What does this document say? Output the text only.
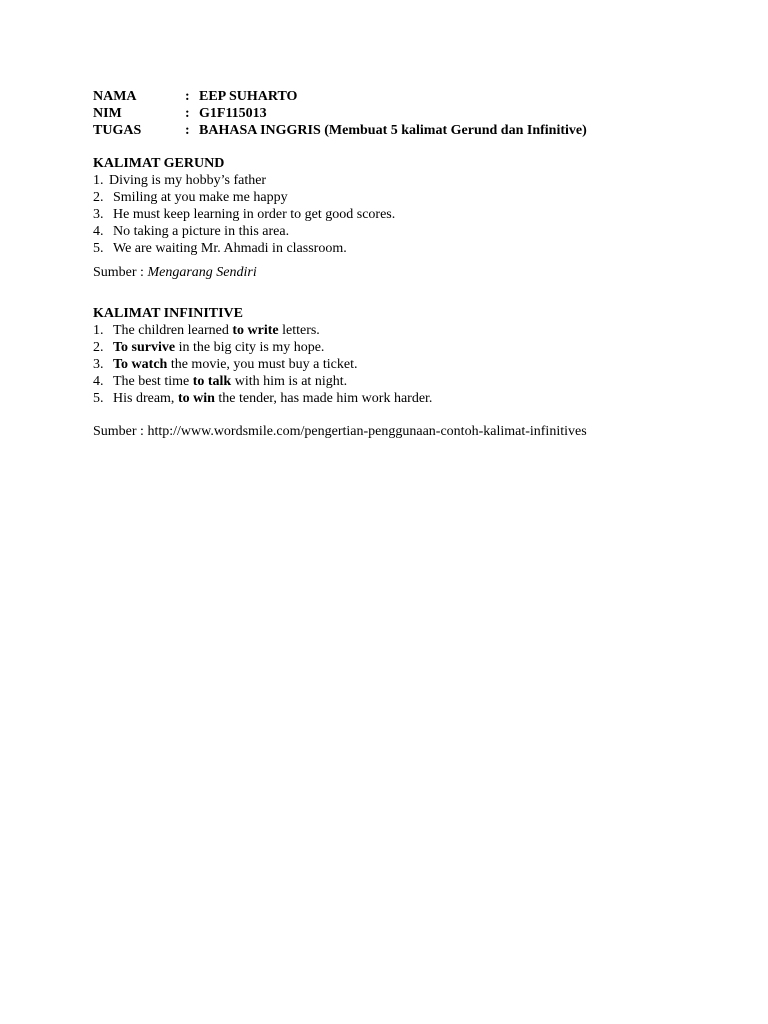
NAMA	: EEP SUHARTO
NIM	: G1F115013
TUGAS	: BAHASA INGGRIS (Membuat 5 kalimat Gerund dan Infinitive)
KALIMAT GERUND
1. Diving is my hobby’s father
2. Smiling at you make me happy
3. He must keep learning in order to get good scores.
4. No taking a picture in this area.
5. We are waiting Mr. Ahmadi in classroom.
Sumber : Mengarang Sendiri
KALIMAT INFINITIVE
1. The children learned to write letters.
2. To survive in the big city is my hope.
3. To watch the movie, you must buy a ticket.
4. The best time to talk with him is at night.
5. His dream, to win the tender, has made him work harder.
Sumber : http://www.wordsmile.com/pengertian-penggunaan-contoh-kalimat-infinitives
